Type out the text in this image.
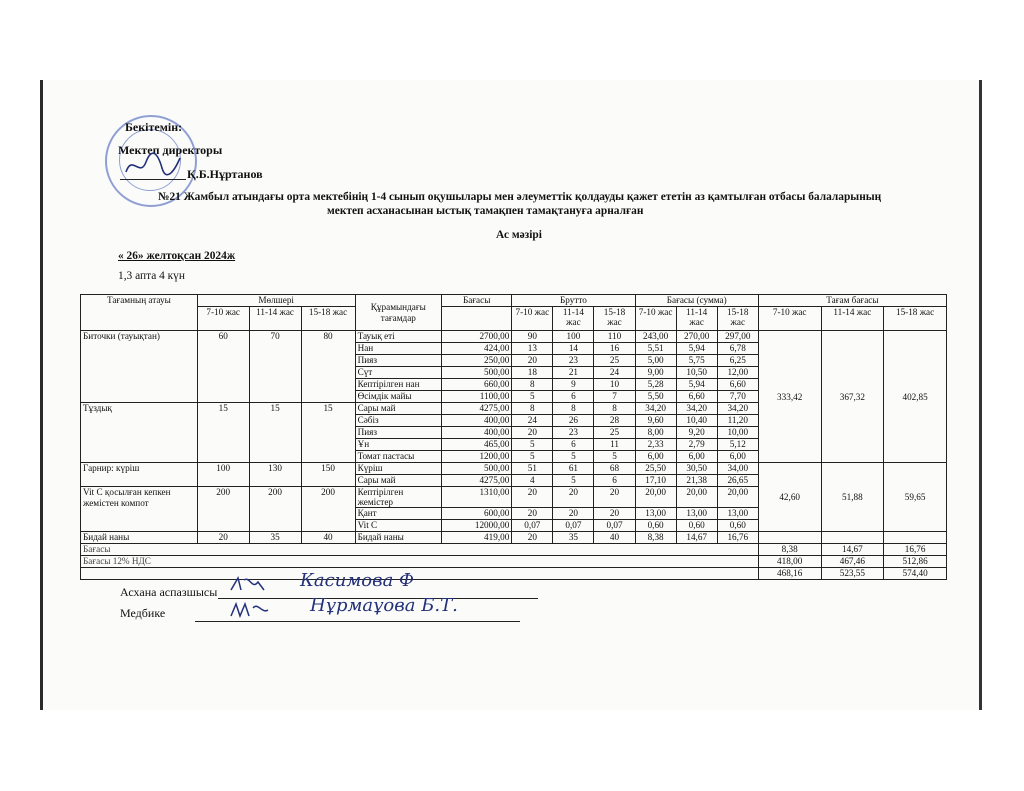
Бекітемін:
Мектеп директоры
Қ.Б.Нұртанов
№21 Жамбыл атындағы орта мектебінің 1-4 сынып оқушылары мен әлеуметтік қолдауды қажет ететін аз қамтылған отбасы балаларының
мектеп асханасынан ыстық тамақпен тамақтануға арналған
Ас мәзірі
« 26» желтоқсан 2024ж
1,3 апта 4 күн
Тағамның атауы	Мөлшері			Құрамындағы тағамдар	Бағасы	Брутто			Бағасы (сумма)			Тағам бағасы		
	7-10 жас	11-14 жас	15-18 жас			7-10 жас	11-14 жас	15-18 жас	7-10 жас	11-14 жас	15-18 жас	7-10 жас	11-14 жас	15-18 жас
Биточки (тауықтан)	60	70	80	Тауық еті	2700,00	90	100	110	243,00	270,00	297,00	333,42	367,32	402,85
				Нан	424,00	13	14	16	5,51	5,94	6,78			
				Пияз	250,00	20	23	25	5,00	5,75	6,25			
				Сүт	500,00	18	21	24	9,00	10,50	12,00			
				Кептірілген нан	660,00	8	9	10	5,28	5,94	6,60			
				Өсімдік майы	1100,00	5	6	7	5,50	6,60	7,70			
Тұздық	15	15	15	Сары май	4275,00	8	8	8	34,20	34,20	34,20			
				Сәбіз	400,00	24	26	28	9,60	10,40	11,20			
				Пияз	400,00	20	23	25	8,00	9,20	10,00			
				Ұн	465,00	5	6	11	2,33	2,79	5,12			
				Томат пастасы	1200,00	5	5	5	6,00	6,00	6,00			
Гарнир: күріш	100	130	150	Күріш	500,00	51	61	68	25,50	30,50	34,00	42,60	51,88	59,65
				Сары май	4275,00	4	5	6	17,10	21,38	26,65			
Vit C қосылған кепкен жемістен компот	200	200	200	Кептірілген жемістер	1310,00	20	20	20	20,00	20,00	20,00			
				Қант	600,00	20	20	20	13,00	13,00	13,00			
				Vit C	12000,00	0,07	0,07	0,07	0,60	0,60	0,60			
Бидай наны	20	35	40	Бидай наны	419,00	20	35	40	8,38	14,67	16,76			
Бағасы												8,38	14,67	16,76
Бағасы 12% НДС												418,00	467,46	512,86
												468,16	523,55	574,40
Асхана аспазшысы
Касимова Ф
Медбике	Нұрмаұова Б.Т.
